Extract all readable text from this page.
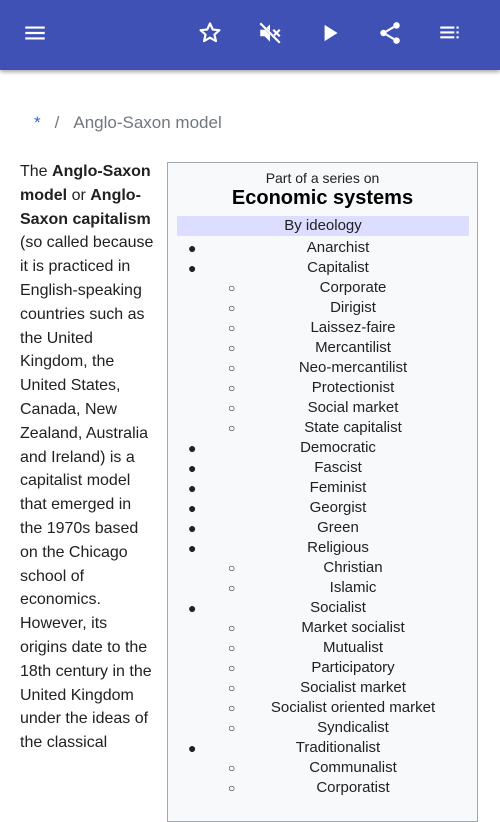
* / Anglo-Saxon model
The Anglo-Saxon model or Anglo-Saxon capitalism (so called because it is practiced in English-speaking countries such as the United Kingdom, the United States, Canada, New Zealand, Australia and Ireland) is a capitalist model that emerged in the 1970s based on the Chicago school of economics. However, its origins date to the 18th century in the United Kingdom under the ideas of the classical
Part of a series on
Economic systems
By ideology
●	Anarchist
●	Capitalist
○	Corporate
○	Dirigist
○	Laissez-faire
○	Mercantilist
○	Neo-mercantilist
○	Protectionist
○	Social market
○	State capitalist
●	Democratic
●	Fascist
●	Feminist
●	Georgist
●	Green
●	Religious
○	Christian
○	Islamic
●	Socialist
○	Market socialist
○	Mutualist
○	Participatory
○	Socialist market
○	Socialist oriented market
○	Syndicalist
●	Traditionalist
○	Communalist
○	Corporatist
